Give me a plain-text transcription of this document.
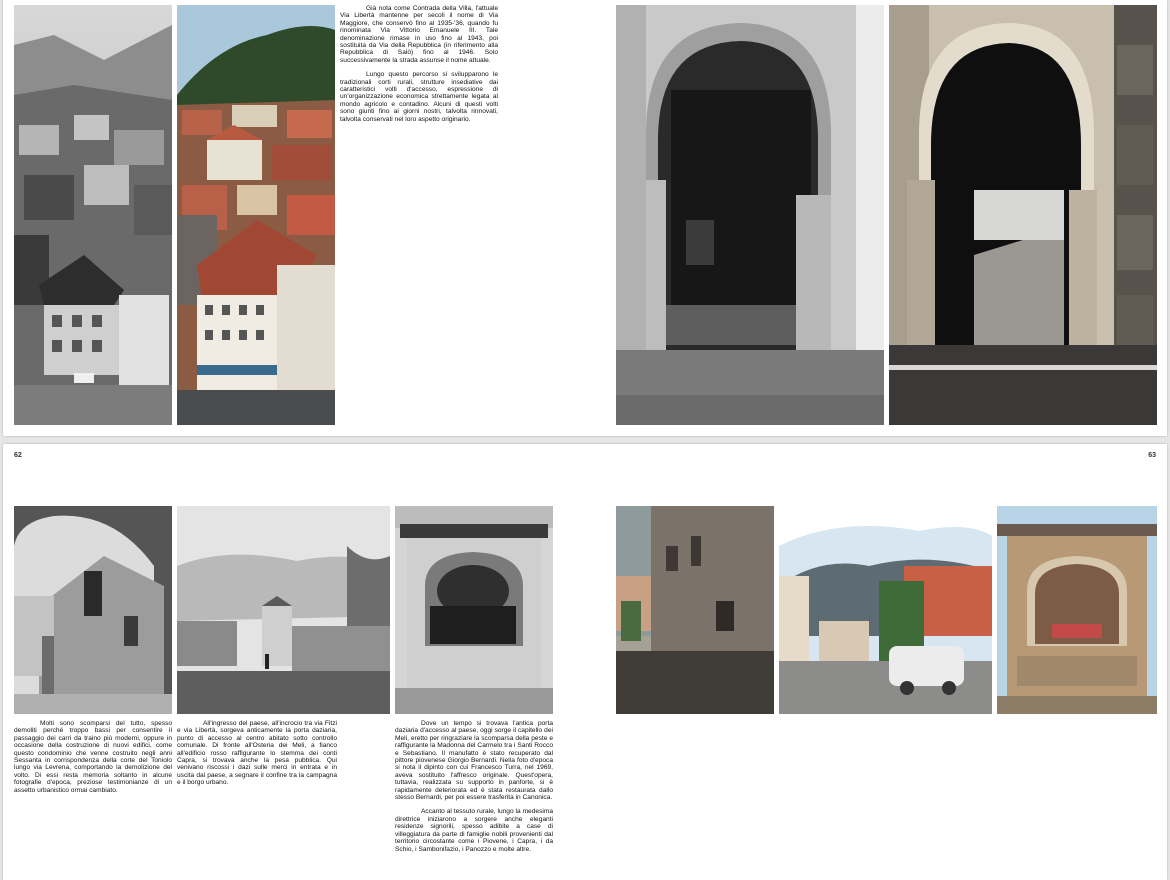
Già nota come Contrada della Villa, l'attuale Via Libertà mantenne per secoli il nome di Via Maggiore, che conservò fino al 1935-'36, quando fu rinominata Via Vittorio Emanuele III. Tale denominazione rimase in uso fino al 1943, poi sostituita da Via della Repubblica (in riferimento alla Repubblica di Salò) fino al 1946. Solo successivamente la strada assunse il nome attuale.

Lungo questo percorso si svilupparono le tradizionali corti rurali, strutture insediative dai caratteristici volti d'accesso, espressione di un'organizzazione economica strettamente legata al mondo agricolo e contadino. Alcuni di questi volti sono giunti fino ai giorni nostri, talvolta rinnovati, talvolta conservati nel loro aspetto originario.

62	63

Molti sono scomparsi del tutto, spesso demoliti perché troppo bassi per consentire il passaggio dei carri da traino più moderni, oppure in occasione della costruzione di nuovi edifici, come questo condominio che venne costruito negli anni Sessanta in corrispondenza della corte del Toniolo lungo via Levrena, comportando la demolizione del volto. Di essi resta memoria soltanto in alcune fotografie d'epoca, preziose testimonianze di un assetto urbanistico ormai cambiato.

All'ingresso del paese, all'incrocio tra via Fitzi e via Libertà, sorgeva anticamente la porta daziaria, punto di accesso al centro abitato sotto controllo comunale. Di fronte all'Osteria dei Meli, a fianco all'edificio rosso raffigurante lo stemma dei conti Capra, si trovava anche la pesa pubblica. Qui venivano riscossi i dazi sulle merci in entrata e in uscita dal paese, a segnare il confine tra la campagna e il borgo urbano.

Dove un tempo si trovava l'antica porta daziaria d'accesso al paese, oggi sorge il capitello dei Meli, eretto per ringraziare la scomparsa della peste e raffigurante la Madonna del Carmelo tra i Santi Rocco e Sebastiano. Il manufatto è stato recuperato dal pittore piovenese Giorgio Bernardi. Nella foto d'epoca si nota il dipinto con cui Francesco Turra, nel 1969, aveva sostituito l'affresco originale. Quest'opera, tuttavia, realizzata su supporto in panforte, si è rapidamente deteriorata ed è stata restaurata dallo stesso Bernardi, per poi essere trasferita in Canonica.

Accanto al tessuto rurale, lungo la medesima direttrice iniziarono a sorgere anche eleganti residenze signorili, spesso adibite a case di villeggiatura da parte di famiglie nobili provenienti dal territorio circostante come i Piovene, i Capra, i da Schio, i Sambonifazio, i Panozzo e molte altre.
